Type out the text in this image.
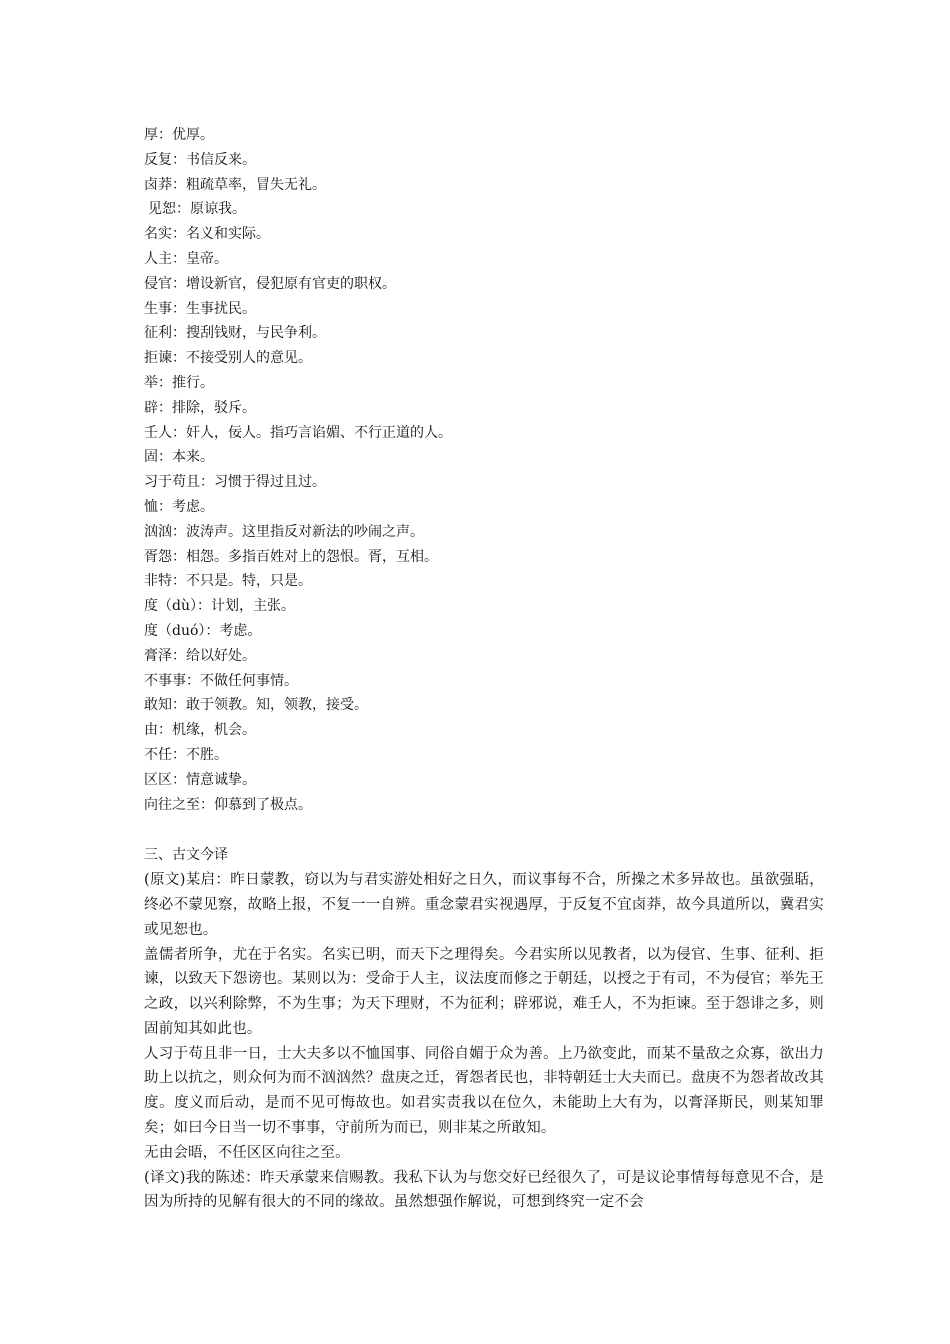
厚：优厚。
反复：书信反来。
卤莽：粗疏草率，冒失无礼。
见恕：原谅我。
名实：名义和实际。
人主：皇帝。
侵官：增设新官，侵犯原有官吏的职权。
生事：生事扰民。
征利：搜刮钱财，与民争利。
拒谏：不接受别人的意见。
举：推行。
辟：排除，驳斥。
壬人：奸人，佞人。指巧言谄媚、不行正道的人。
固：本来。
习于苟且：习惯于得过且过。
恤：考虑。
汹汹：波涛声。这里指反对新法的吵闹之声。
胥怨：相怨。多指百姓对上的怨恨。胥，互相。
非特：不只是。特，只是。
度（dù）：计划，主张。
度（duó）：考虑。
膏泽：给以好处。
不事事：不做任何事情。
敢知：敢于领教。知，领教，接受。
由：机缘，机会。
不任：不胜。
区区：情意诚挚。
向往之至：仰慕到了极点。
三、古文今译

(原文)某启：昨日蒙教，窃以为与君实游处相好之日久，而议事每不合，所操之术多异故也。虽欲强聒，终必不蒙见察，故略上报，不复一一自辨。重念蒙君实视遇厚，于反复不宜卤莽，故今具道所以，冀君实或见恕也。

盖儒者所争，尤在于名实。名实已明，而天下之理得矣。今君实所以见教者，以为侵官、生事、征利、拒谏，以致天下怨谤也。某则以为：受命于人主，议法度而修之于朝廷，以授之于有司，不为侵官；举先王之政，以兴利除弊，不为生事；为天下理财，不为征利；辟邪说，难壬人，不为拒谏。至于怨诽之多，则固前知其如此也。

人习于苟且非一日，士大夫多以不恤国事、同俗自媚于众为善。上乃欲变此，而某不量敌之众寡，欲出力助上以抗之，则众何为而不汹汹然？盘庚之迁，胥怨者民也，非特朝廷士大夫而已。盘庚不为怨者故改其度。度义而后动，是而不见可悔故也。如君实责我以在位久，未能助上大有为，以膏泽斯民，则某知罪矣；如曰今日当一切不事事，守前所为而已，则非某之所敢知。

无由会晤，不任区区向往之至。

(译文)我的陈述：昨天承蒙来信赐教。我私下认为与您交好已经很久了，可是议论事情每每意见不合，是因为所持的见解有很大的不同的缘故。虽然想强作解说，可想到终究一定不会
